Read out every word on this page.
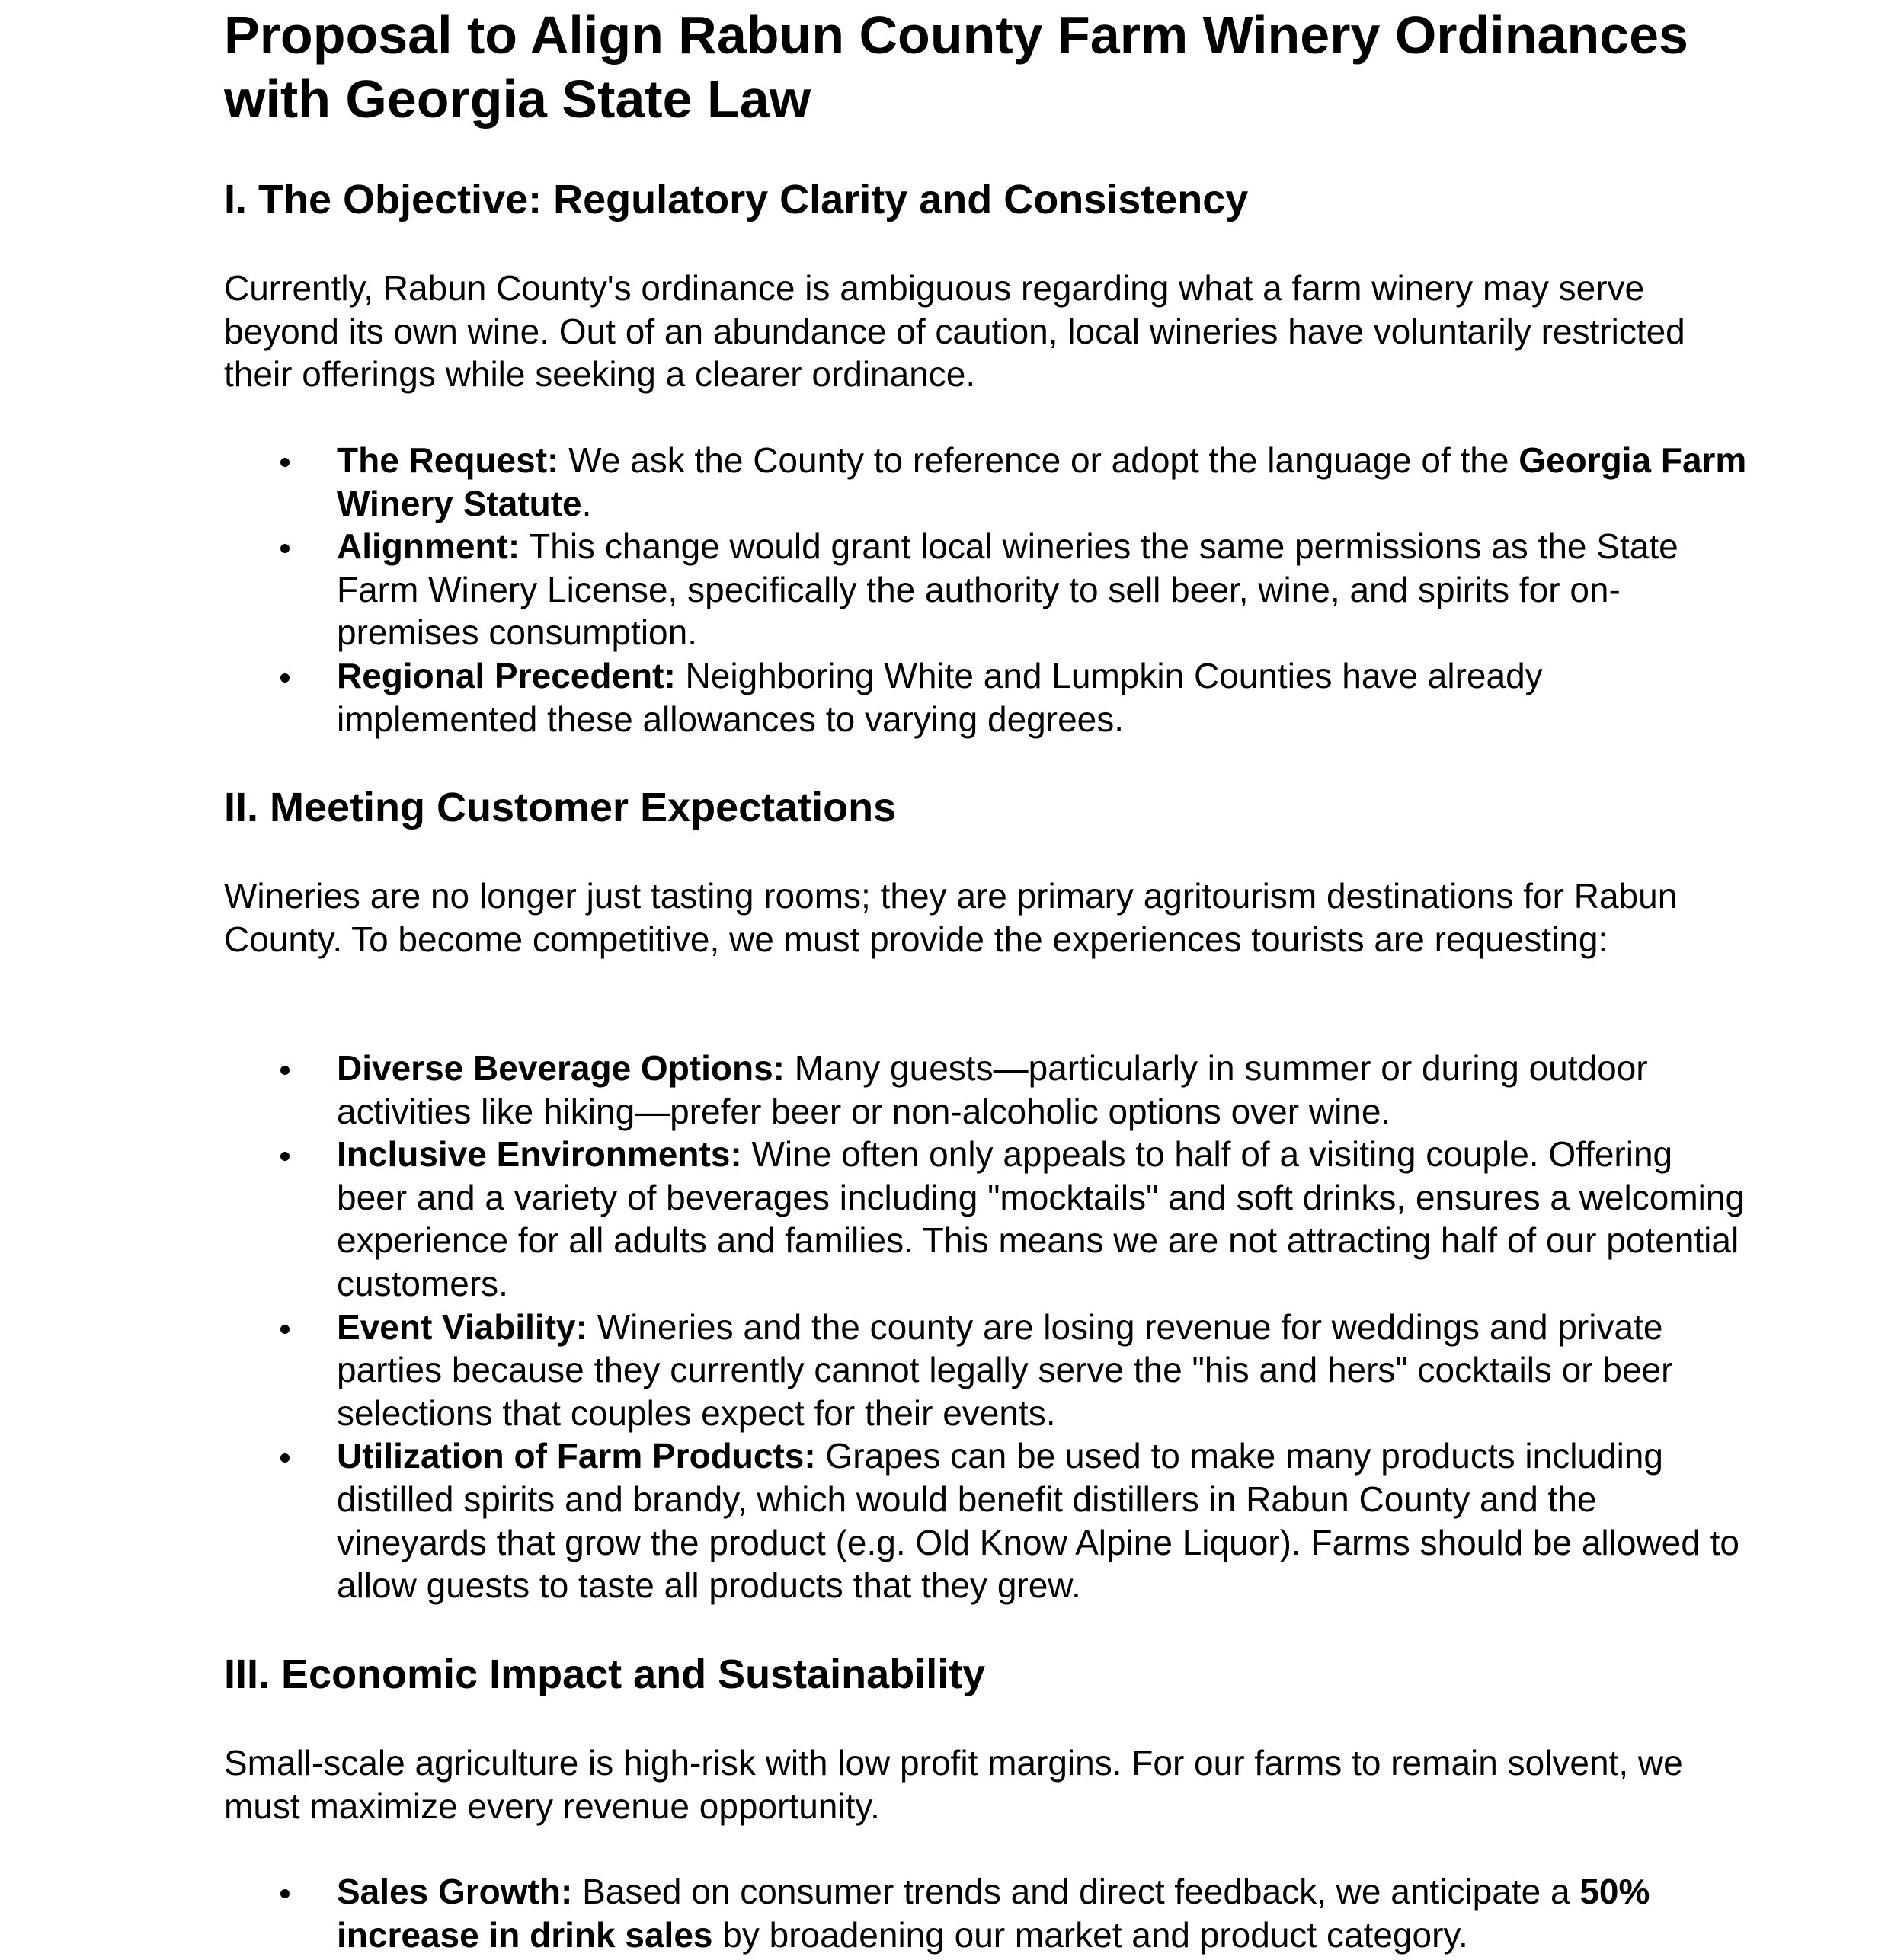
Proposal to Align Rabun County Farm Winery Ordinances with Georgia State Law
I. The Objective: Regulatory Clarity and Consistency

Currently, Rabun County's ordinance is ambiguous regarding what a farm winery may serve beyond its own wine. Out of an abundance of caution, local wineries have voluntarily restricted their offerings while seeking a clearer ordinance.

The Request: We ask the County to reference or adopt the language of the Georgia Farm Winery Statute.
Alignment: This change would grant local wineries the same permissions as the State Farm Winery License, specifically the authority to sell beer, wine, and spirits for on-premises consumption.
Regional Precedent: Neighboring White and Lumpkin Counties have already implemented these allowances to varying degrees.
II. Meeting Customer Expectations

Wineries are no longer just tasting rooms; they are primary agritourism destinations for Rabun County. To become competitive, we must provide the experiences tourists are requesting:

Diverse Beverage Options: Many guests—particularly in summer or during outdoor activities like hiking—prefer beer or non-alcoholic options over wine.
Inclusive Environments: Wine often only appeals to half of a visiting couple. Offering beer and a variety of beverages including "mocktails" and soft drinks, ensures a welcoming experience for all adults and families. This means we are not attracting half of our potential customers.
Event Viability: Wineries and the county are losing revenue for weddings and private parties because they currently cannot legally serve the "his and hers" cocktails or beer selections that couples expect for their events.
Utilization of Farm Products: Grapes can be used to make many products including distilled spirits and brandy, which would benefit distillers in Rabun County and the vineyards that grow the product (e.g. Old Know Alpine Liquor). Farms should be allowed to allow guests to taste all products that they grew.
III. Economic Impact and Sustainability

Small-scale agriculture is high-risk with low profit margins. For our farms to remain solvent, we must maximize every revenue opportunity.

Sales Growth: Based on consumer trends and direct feedback, we anticipate a 50% increase in drink sales by broadening our market and product category.
